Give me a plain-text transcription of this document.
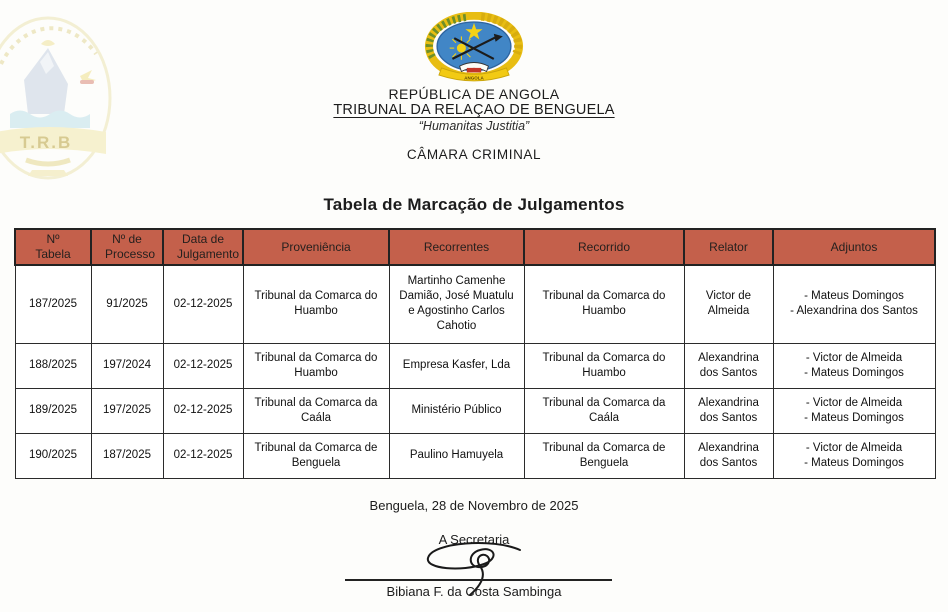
T.R.B
ANGOLA
REPÚBLICA DE ANGOLA
TRIBUNAL DA RELAÇAO DE BENGUELA
“Humanitas Justitia”
CÂMARA CRIMINAL
Tabela de Marcação de Julgamentos
Nº Tabela	Nº de Processo	Data de Julgamento	Proveniência	Recorrentes	Recorrido	Relator	Adjuntos
187/2025	91/2025	02-12-2025	Tribunal da Comarca do Huambo	Martinho Camenhe Damião, José Muatulu e Agostinho Carlos Cahotio	Tribunal da Comarca do Huambo	Victor de Almeida	- Mateus Domingos
- Alexandrina dos Santos

188/2025	197/2024	02-12-2025	Tribunal da Comarca do Huambo	Empresa Kasfer, Lda	Tribunal da Comarca do Huambo	Alexandrina dos Santos	- Victor de Almeida
- Mateus Domingos

189/2025	197/2025	02-12-2025	Tribunal da Comarca da Caála	Ministério Público	Tribunal da Comarca da Caála	Alexandrina dos Santos	- Victor de Almeida
- Mateus Domingos

190/2025	187/2025	02-12-2025	Tribunal da Comarca de Benguela	Paulino Hamuyela	Tribunal da Comarca de Benguela	Alexandrina dos Santos	- Victor de Almeida
- Mateus Domingos
Benguela, 28 de Novembro de 2025
A Secretaria
Bibiana F. da Costa Sambinga
